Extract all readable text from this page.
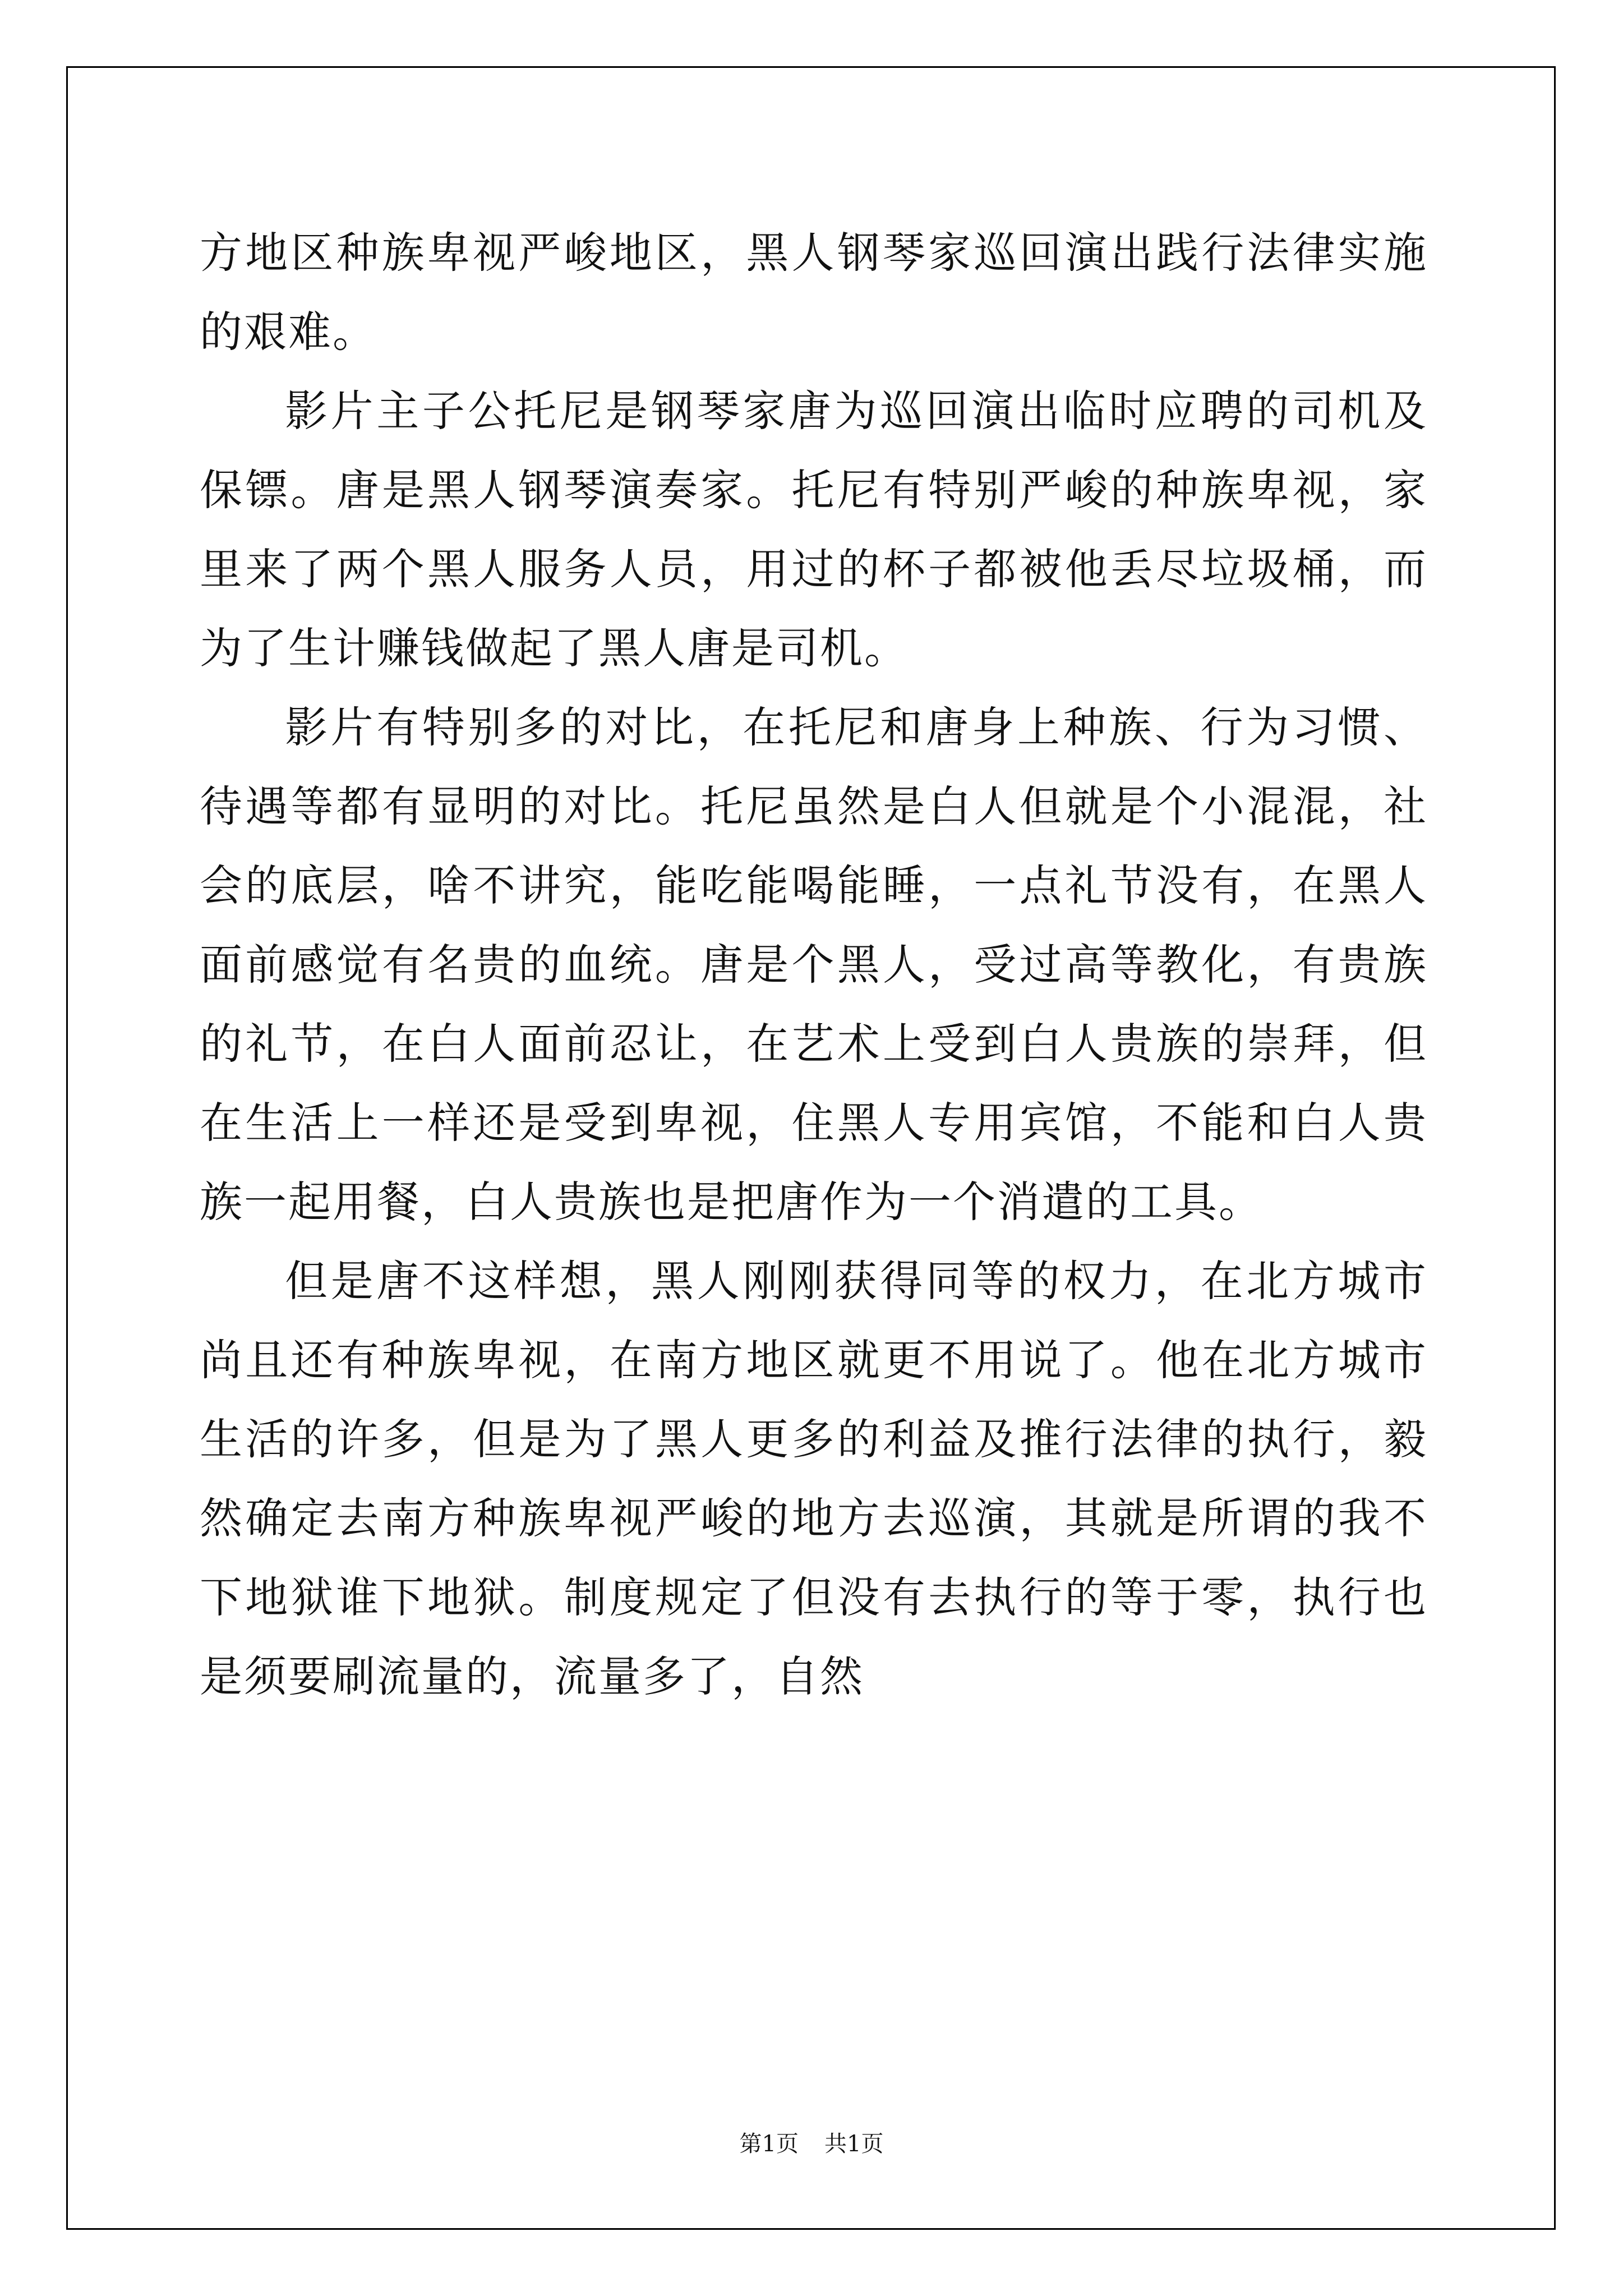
方地区种族卑视严峻地区，黑人钢琴家巡回演出践行法律实施的艰难。

影片主子公托尼是钢琴家唐为巡回演出临时应聘的司机及保镖。唐是黑人钢琴演奏家。托尼有特别严峻的种族卑视，家里来了两个黑人服务人员，用过的杯子都被他丢尽垃圾桶，而为了生计赚钱做起了黑人唐是司机。

影片有特别多的对比，在托尼和唐身上种族、行为习惯、待遇等都有显明的对比。托尼虽然是白人但就是个小混混，社会的底层，啥不讲究，能吃能喝能睡，一点礼节没有，在黑人面前感觉有名贵的血统。唐是个黑人，受过高等教化，有贵族的礼节，在白人面前忍让，在艺术上受到白人贵族的崇拜，但在生活上一样还是受到卑视，住黑人专用宾馆，不能和白人贵族一起用餐，白人贵族也是把唐作为一个消遣的工具。

但是唐不这样想，黑人刚刚获得同等的权力，在北方城市尚且还有种族卑视，在南方地区就更不用说了。他在北方城市生活的许多，但是为了黑人更多的利益及推行法律的执行，毅然确定去南方种族卑视严峻的地方去巡演，其就是所谓的我不下地狱谁下地狱。制度规定了但没有去执行的等于零，执行也是须要刷流量的，流量多了，自然

第1页 共1页
